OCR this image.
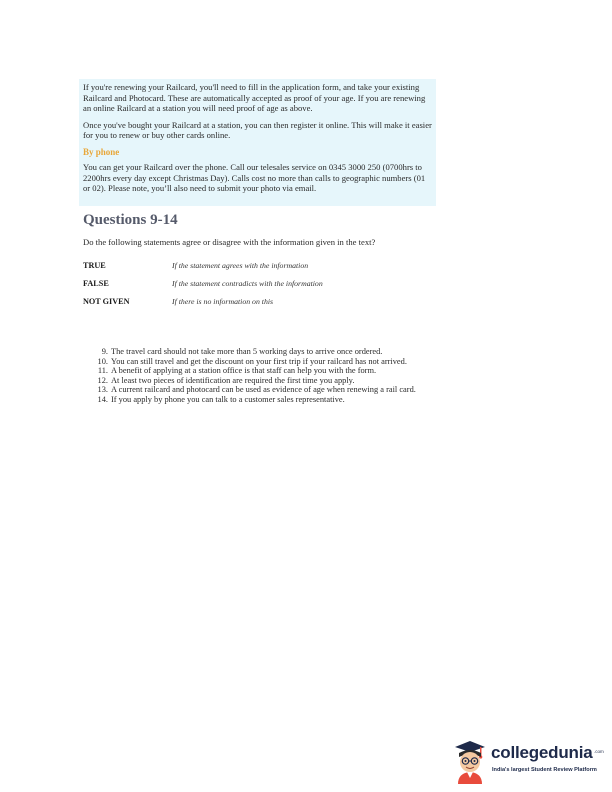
If you're renewing your Railcard, you'll need to fill in the application form, and take your existing Railcard and Photocard. These are automatically accepted as proof of your age. If you are renewing an online Railcard at a station you will need proof of age as above.

Once you've bought your Railcard at a station, you can then register it online. This will make it easier for you to renew or buy other cards online.

By phone

You can get your Railcard over the phone. Call our telesales service on 0345 3000 250 (0700hrs to 2200hrs every day except Christmas Day). Calls cost no more than calls to geographic numbers (01 or 02). Please note, you’ll also need to submit your photo via email.

Questions 9-14

Do the following statements agree or disagree with the information given in the text?

TRUE	If the statement agrees with the information
FALSE	If the statement contradicts with the information
NOT GIVEN	If there is no information on this
9. The travel card should not take more than 5 working days to arrive once ordered.
10. You can still travel and get the discount on your first trip if your railcard has not arrived.
11. A benefit of applying at a station office is that staff can help you with the form.
12. At least two pieces of identification are required the first time you apply.
13. A current railcard and photocard can be used as evidence of age when renewing a rail card.
14. If you apply by phone you can talk to a customer sales representative.
collegedunia .com
India's largest Student Review Platform
